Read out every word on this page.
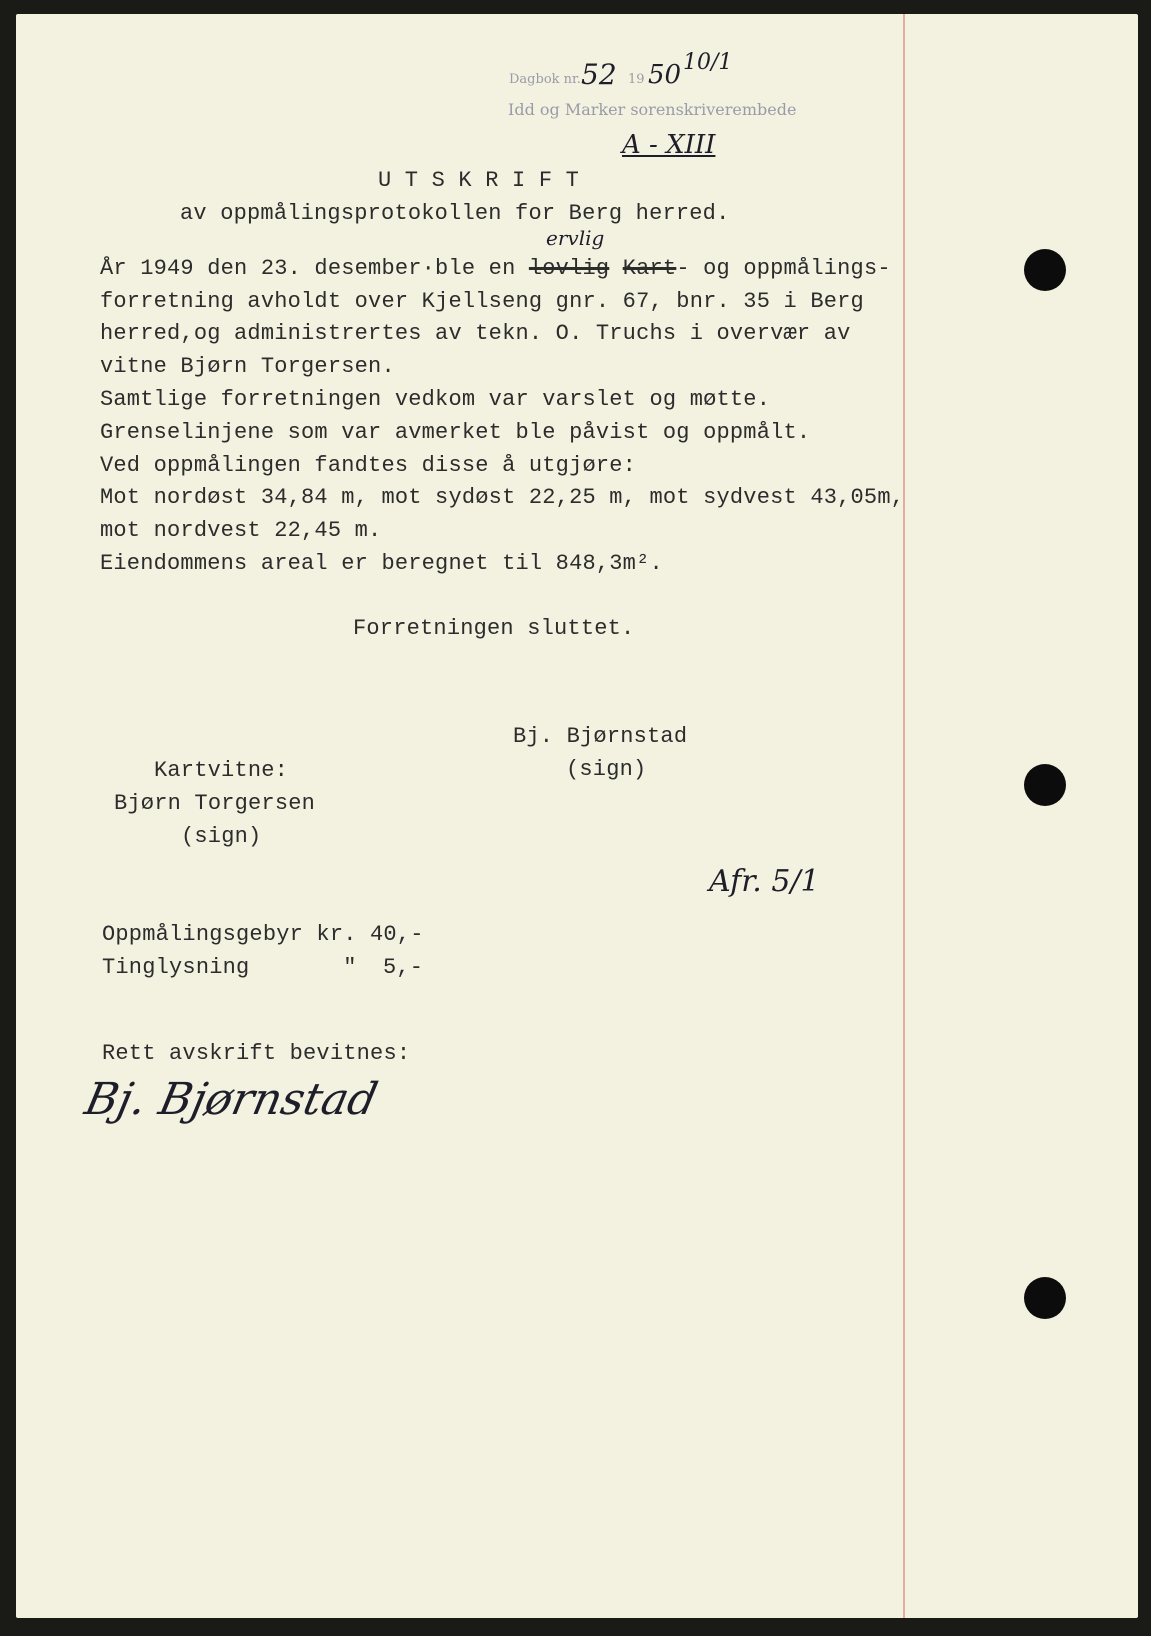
Dagbok nr. 52 19 50 10/1
Idd og Marker sorenskriverembede
A - XIII
U T S K R I F T
av oppmålingsprotokollen for Berg herred.
ervlig
År 1949 den 23. desember·ble en lovlig Kart- og oppmålings-
forretning avholdt over Kjellseng gnr. 67, bnr. 35 i Berg
herred,og administrertes av tekn. O. Truchs i overvær av
vitne Bjørn Torgersen.
Samtlige forretningen vedkom var varslet og møtte.
Grenselinjene som var avmerket ble påvist og oppmålt.
Ved oppmålingen fandtes disse å utgjøre:
Mot nordøst 34,84 m, mot sydøst 22,25 m, mot sydvest 43,05m,
mot nordvest 22,45 m.
Eiendommens areal er beregnet til 848,3m².
Forretningen sluttet.
Bj. Bjørnstad
(sign)
Kartvitne:
Bjørn Torgersen
(sign)
Afr. 5/1
Oppmålingsgebyr kr. 40,-
Tinglysning       " 5,-
Rett avskrift bevitnes:
Bj. Bjørnstad
